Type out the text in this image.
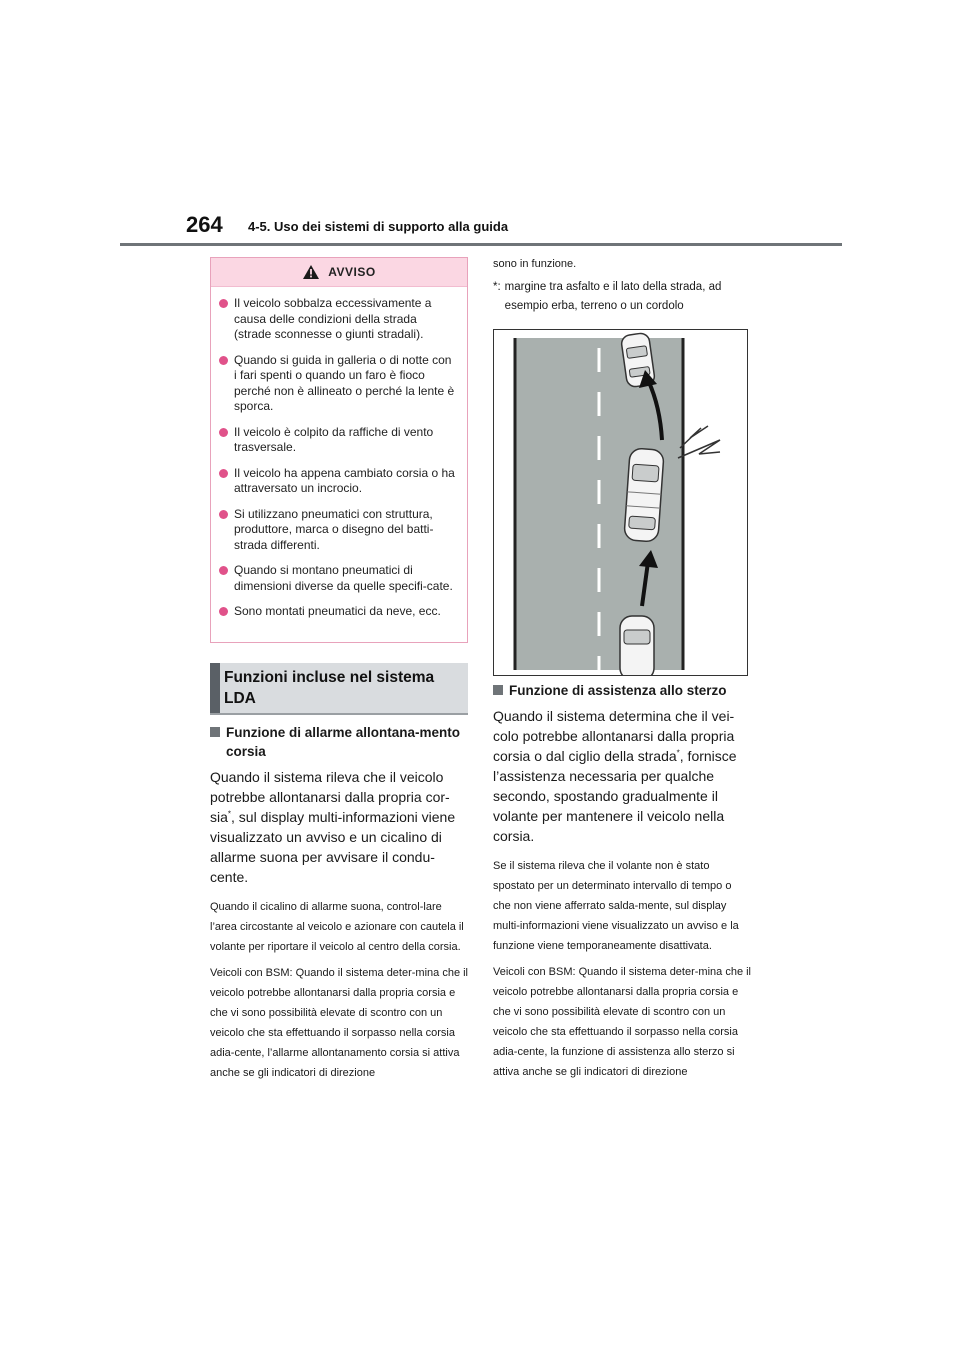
264 4-5. Uso dei sistemi di supporto alla guida
AVVISO
Il veicolo sobbalza eccessivamente a causa delle condizioni della strada (strade sconnesse o giunti stradali).
Quando si guida in galleria o di notte con i fari spenti o quando un faro è fioco perché non è allineato o perché la lente è sporca.
Il veicolo è colpito da raffiche di vento trasversale.
Il veicolo ha appena cambiato corsia o ha attraversato un incrocio.
Si utilizzano pneumatici con struttura, produttore, marca o disegno del batti-strada differenti.
Quando si montano pneumatici di dimensioni diverse da quelle specifi-cate.
Sono montati pneumatici da neve, ecc.
Funzioni incluse nel sistema LDA
Funzione di allarme allontana-mento corsia

Quando il sistema rileva che il veicolo potrebbe allontanarsi dalla propria cor-sia*, sul display multi-informazioni viene visualizzato un avviso e un cicalino di allarme suona per avvisare il condu-cente.

Quando il cicalino di allarme suona, control-lare l’area circostante al veicolo e azionare con cautela il volante per riportare il veicolo al centro della corsia.

Veicoli con BSM: Quando il sistema deter-mina che il veicolo potrebbe allontanarsi dalla propria corsia e che vi sono possibilità elevate di scontro con un veicolo che sta effettuando il sorpasso nella corsia adia-cente, l’allarme allontanamento corsia si attiva anche se gli indicatori di direzione

sono in funzione.

*: margine tra asfalto e il lato della strada, ad esempio erba, terreno o un cordolo
Funzione di assistenza allo sterzo

Quando il sistema determina che il vei-colo potrebbe allontanarsi dalla propria corsia o dal ciglio della strada*, fornisce l’assistenza necessaria per qualche secondo, spostando gradualmente il volante per mantenere il veicolo nella corsia.

Se il sistema rileva che il volante non è stato spostato per un determinato intervallo di tempo o che non viene afferrato salda-mente, sul display multi-informazioni viene visualizzato un avviso e la funzione viene temporaneamente disattivata.

Veicoli con BSM: Quando il sistema deter-mina che il veicolo potrebbe allontanarsi dalla propria corsia e che vi sono possibilità elevate di scontro con un veicolo che sta effettuando il sorpasso nella corsia adia-cente, la funzione di assistenza allo sterzo si attiva anche se gli indicatori di direzione
